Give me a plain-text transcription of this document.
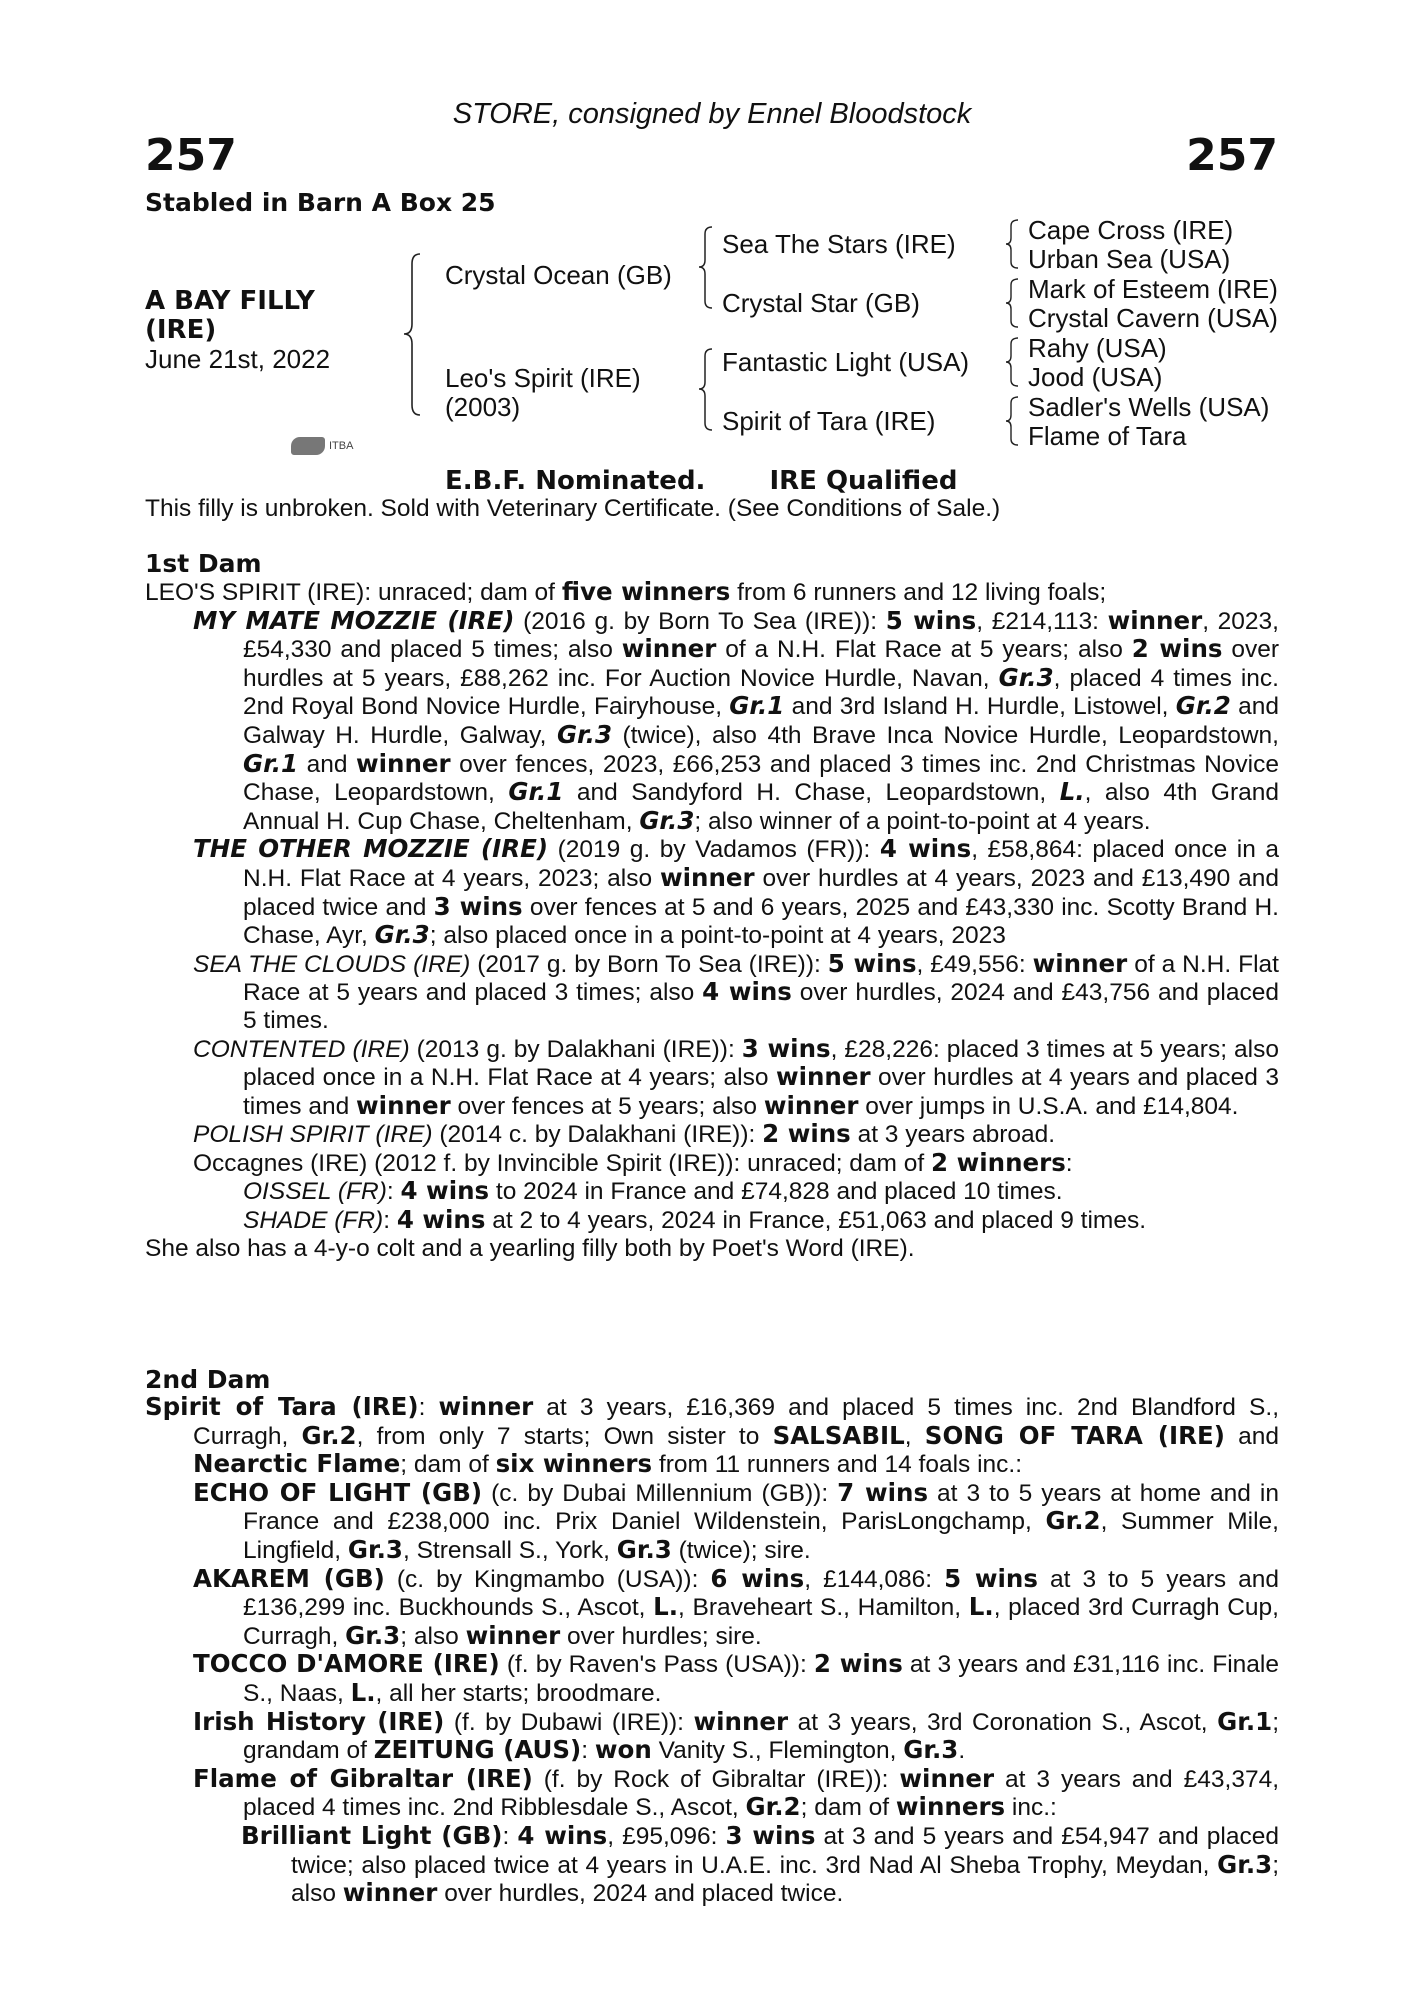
STORE, consigned by Ennel Bloodstock
257	257
Stabled in Barn A Box 25
A BAY FILLY
(IRE)
June 21st, 2022
Crystal Ocean (GB)
Leo's Spirit (IRE)
(2003)
Sea The Stars (IRE)
Crystal Star (GB)
Fantastic Light (USA)
Spirit of Tara (IRE)
Cape Cross (IRE)
Urban Sea (USA)
Mark of Esteem (IRE)
Crystal Cavern (USA)
Rahy (USA)
Jood (USA)
Sadler's Wells (USA)
Flame of Tara
ITBA
E.B.F. Nominated. IRE Qualified
This filly is unbroken. Sold with Veterinary Certificate. (See Conditions of Sale.)
1st Dam

LEO'S SPIRIT (IRE): unraced; dam of five winners from 6 runners and 12 living foals;

MY MATE MOZZIE (IRE) (2016 g. by Born To Sea (IRE)): 5 wins, £214,113: winner, 2023, £54,330 and placed 5 times; also winner of a N.H. Flat Race at 5 years; also 2 wins over hurdles at 5 years, £88,262 inc. For Auction Novice Hurdle, Navan, Gr.3, placed 4 times inc. 2nd Royal Bond Novice Hurdle, Fairyhouse, Gr.1 and 3rd Island H. Hurdle, Listowel, Gr.2 and Galway H. Hurdle, Galway, Gr.3 (twice), also 4th Brave Inca Novice Hurdle, Leopardstown, Gr.1 and winner over fences, 2023, £66,253 and placed 3 times inc. 2nd Christmas Novice Chase, Leopardstown, Gr.1 and Sandyford H. Chase, Leopardstown, L., also 4th Grand Annual H. Cup Chase, Cheltenham, Gr.3; also winner of a point-to-point at 4 years.

THE OTHER MOZZIE (IRE) (2019 g. by Vadamos (FR)): 4 wins, £58,864: placed once in a N.H. Flat Race at 4 years, 2023; also winner over hurdles at 4 years, 2023 and £13,490 and placed twice and 3 wins over fences at 5 and 6 years, 2025 and £43,330 inc. Scotty Brand H. Chase, Ayr, Gr.3; also placed once in a point-to-point at 4 years, 2023

SEA THE CLOUDS (IRE) (2017 g. by Born To Sea (IRE)): 5 wins, £49,556: winner of a N.H. Flat Race at 5 years and placed 3 times; also 4 wins over hurdles, 2024 and £43,756 and placed 5 times.

CONTENTED (IRE) (2013 g. by Dalakhani (IRE)): 3 wins, £28,226: placed 3 times at 5 years; also placed once in a N.H. Flat Race at 4 years; also winner over hurdles at 4 years and placed 3 times and winner over fences at 5 years; also winner over jumps in U.S.A. and £14,804.

POLISH SPIRIT (IRE) (2014 c. by Dalakhani (IRE)): 2 wins at 3 years abroad.

Occagnes (IRE) (2012 f. by Invincible Spirit (IRE)): unraced; dam of 2 winners:

OISSEL (FR): 4 wins to 2024 in France and £74,828 and placed 10 times.

SHADE (FR): 4 wins at 2 to 4 years, 2024 in France, £51,063 and placed 9 times.

She also has a 4-y-o colt and a yearling filly both by Poet's Word (IRE).

2nd Dam

Spirit of Tara (IRE): winner at 3 years, £16,369 and placed 5 times inc. 2nd Blandford S., Curragh, Gr.2, from only 7 starts; Own sister to SALSABIL, SONG OF TARA (IRE) and Nearctic Flame; dam of six winners from 11 runners and 14 foals inc.:

ECHO OF LIGHT (GB) (c. by Dubai Millennium (GB)): 7 wins at 3 to 5 years at home and in France and £238,000 inc. Prix Daniel Wildenstein, ParisLongchamp, Gr.2, Summer Mile, Lingfield, Gr.3, Strensall S., York, Gr.3 (twice); sire.

AKAREM (GB) (c. by Kingmambo (USA)): 6 wins, £144,086: 5 wins at 3 to 5 years and £136,299 inc. Buckhounds S., Ascot, L., Braveheart S., Hamilton, L., placed 3rd Curragh Cup, Curragh, Gr.3; also winner over hurdles; sire.

TOCCO D'AMORE (IRE) (f. by Raven's Pass (USA)): 2 wins at 3 years and £31,116 inc. Finale S., Naas, L., all her starts; broodmare.

Irish History (IRE) (f. by Dubawi (IRE)): winner at 3 years, 3rd Coronation S., Ascot, Gr.1; grandam of ZEITUNG (AUS): won Vanity S., Flemington, Gr.3.

Flame of Gibraltar (IRE) (f. by Rock of Gibraltar (IRE)): winner at 3 years and £43,374, placed 4 times inc. 2nd Ribblesdale S., Ascot, Gr.2; dam of winners inc.:

Brilliant Light (GB): 4 wins, £95,096: 3 wins at 3 and 5 years and £54,947 and placed twice; also placed twice at 4 years in U.A.E. inc. 3rd Nad Al Sheba Trophy, Meydan, Gr.3; also winner over hurdles, 2024 and placed twice.
